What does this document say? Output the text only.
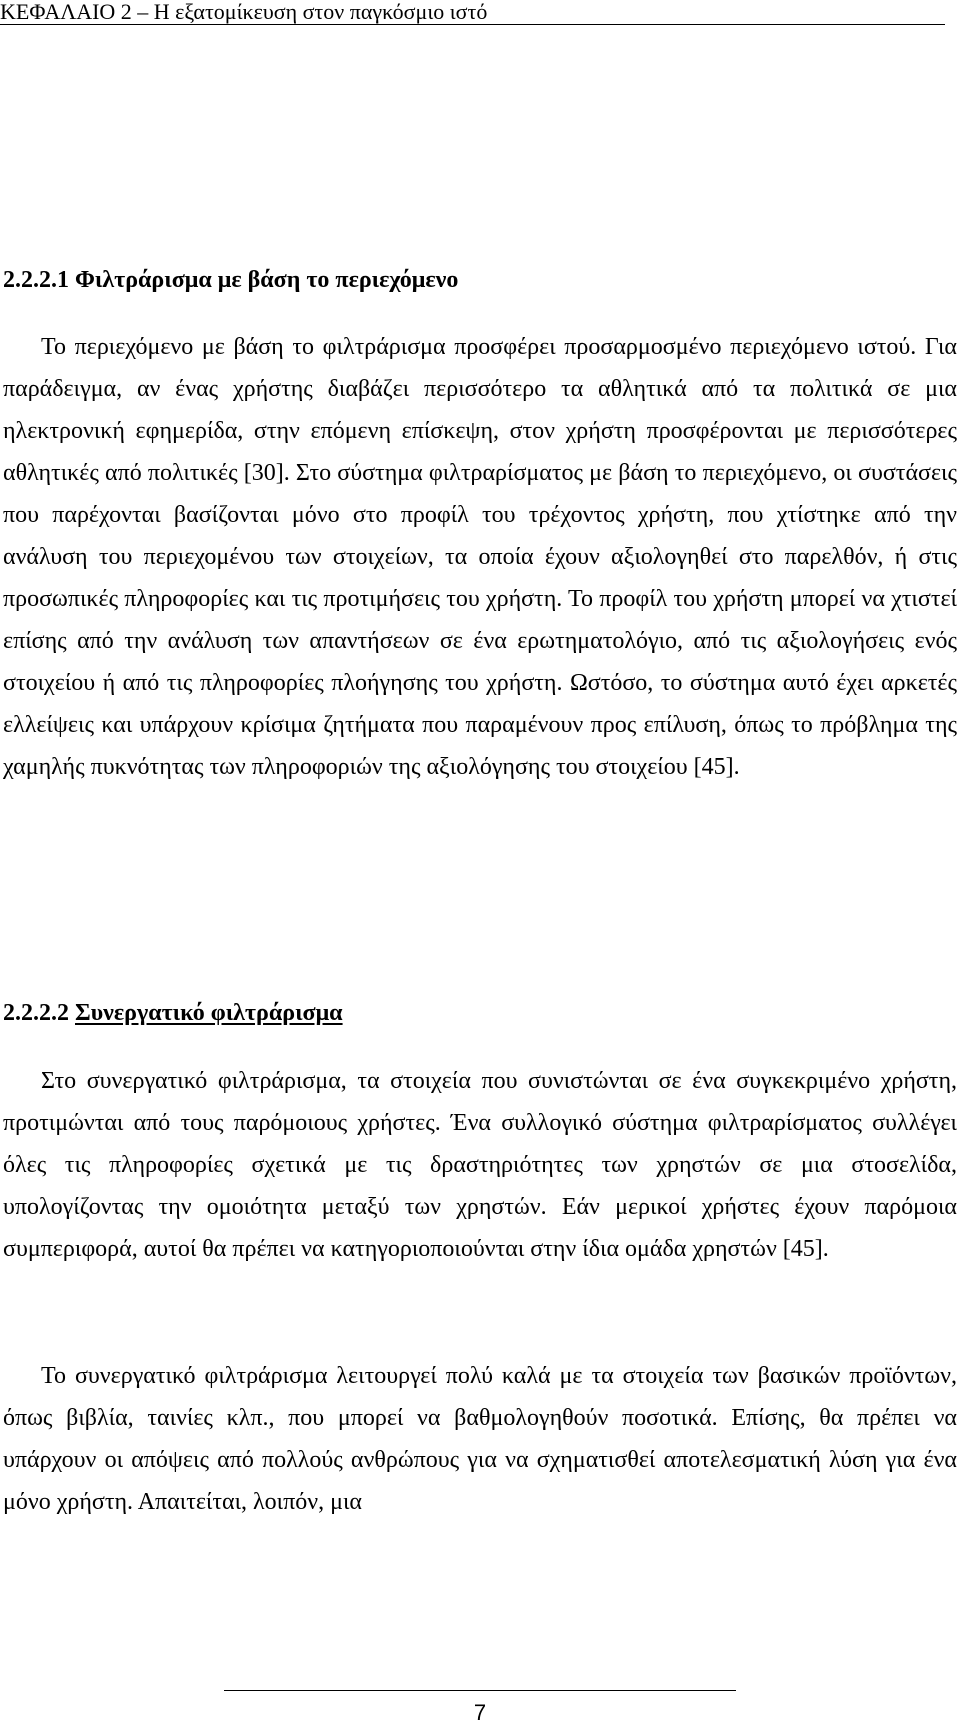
ΚΕΦΑΛΑΙΟ 2 – Η εξατομίκευση στον παγκόσμιο ιστό
2.2.2.1 Φιλτράρισμα με βάση το περιεχόμενο

Το περιεχόμενο με βάση το φιλτράρισμα προσφέρει προσαρμοσμένο περιεχόμενο ιστού. Για παράδειγμα, αν ένας χρήστης διαβάζει περισσότερο τα αθλητικά από τα πολιτικά σε μια ηλεκτρονική εφημερίδα, στην επόμενη επίσκεψη, στον χρήστη προσφέρονται με περισσότερες αθλητικές από πολιτικές [30]. Στο σύστημα φιλτραρίσματος με βάση το περιεχόμενο, οι συστάσεις που παρέχονται βασίζονται μόνο στο προφίλ του τρέχοντος χρήστη, που χτίστηκε από την ανάλυση του περιεχομένου των στοιχείων, τα οποία έχουν αξιολογηθεί στο παρελθόν, ή στις προσωπικές πληροφορίες και τις προτιμήσεις του χρήστη. Το προφίλ του χρήστη μπορεί να χτιστεί επίσης από την ανάλυση των απαντήσεων σε ένα ερωτηματολόγιο, από τις αξιολογήσεις ενός στοιχείου ή από τις πληροφορίες πλοήγησης του χρήστη. Ωστόσο, το σύστημα αυτό έχει αρκετές ελλείψεις και υπάρχουν κρίσιμα ζητήματα που παραμένουν προς επίλυση, όπως το πρόβλημα της χαμηλής πυκνότητας των πληροφοριών της αξιολόγησης του στοιχείου [45].

2.2.2.2 Συνεργατικό φιλτράρισμα

Στο συνεργατικό φιλτράρισμα, τα στοιχεία που συνιστώνται σε ένα συγκεκριμένο χρήστη, προτιμώνται από τους παρόμοιους χρήστες. Ένα συλλογικό σύστημα φιλτραρίσματος συλλέγει όλες τις πληροφορίες σχετικά με τις δραστηριότητες των χρηστών σε μια στοσελίδα, υπολογίζοντας την ομοιότητα μεταξύ των χρηστών. Εάν μερικοί χρήστες έχουν παρόμοια συμπεριφορά, αυτοί θα πρέπει να κατηγοριοποιούνται στην ίδια ομάδα χρηστών [45].

Το συνεργατικό φιλτράρισμα λειτουργεί πολύ καλά με τα στοιχεία των βασικών προϊόντων, όπως βιβλία, ταινίες κλπ., που μπορεί να βαθμολογηθούν ποσοτικά. Επίσης, θα πρέπει να υπάρχουν οι απόψεις από πολλούς ανθρώπους για να σχηματισθεί αποτελεσματική λύση για ένα μόνο χρήστη. Απαιτείται, λοιπόν, μια

7
